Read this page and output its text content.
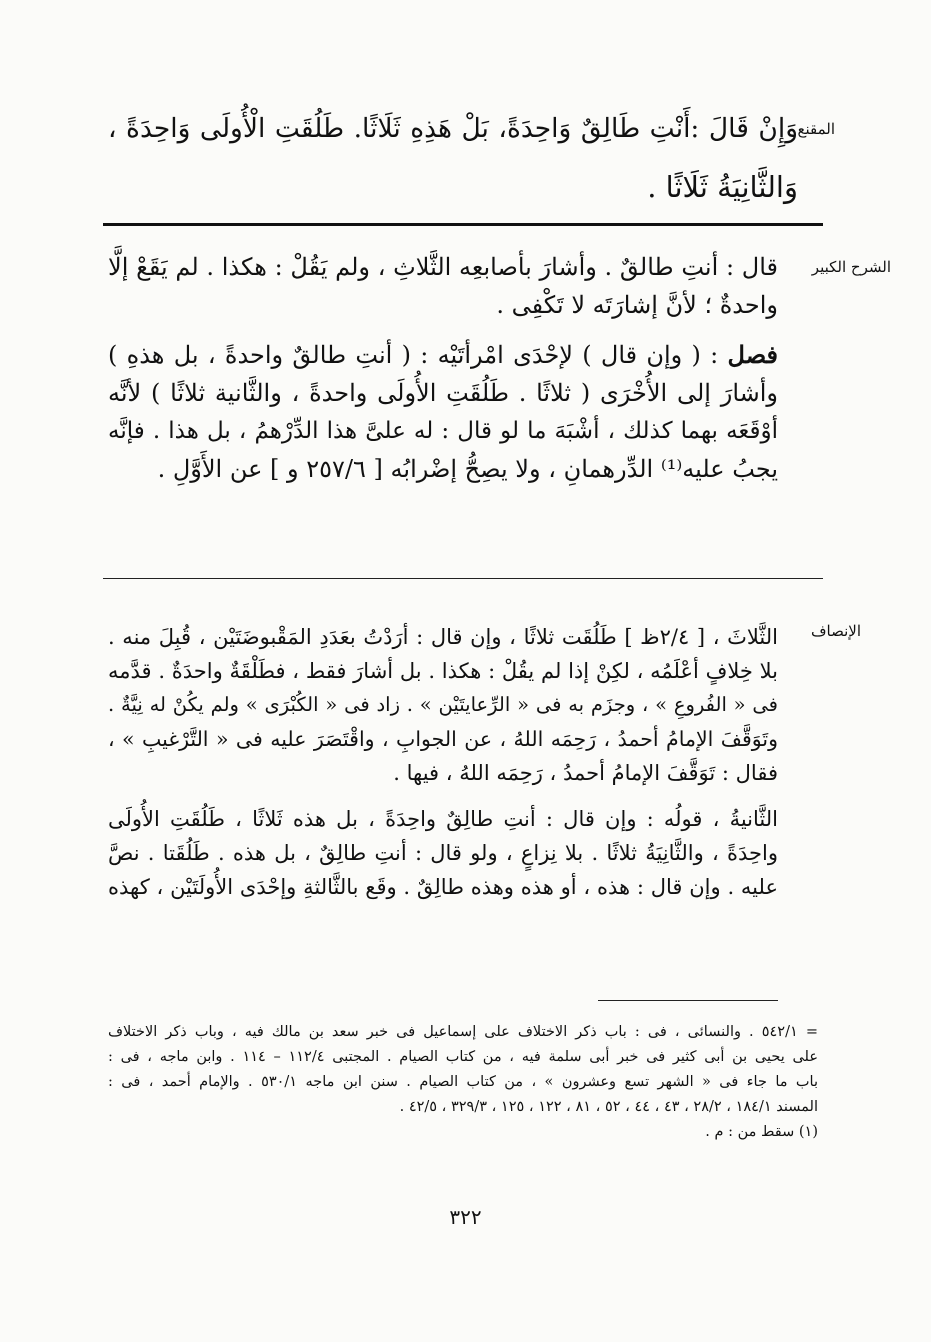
المقنع
وَإِنْ قَالَ :أَنْتِ طَالِقٌ وَاحِدَةً، بَلْ هَذِهِ ثَلَاثًا. طَلُقَتِ الْأُولَى وَاحِدَةً ،
وَالثَّانِيَةُ ثَلَاثًا .
الشرح الكبير
قال : أنتِ طالقٌ . وأشارَ بأصابعِه الثَّلاثِ ، ولم يَقُلْ : هكذا . لم يَقَعْ إلَّا
واحدةٌ ؛ لأنَّ إشارَتَه لا تَكْفِى .
فصل : ( وإن قال ) لإحْدَى امْرأتَيْه : ( أنتِ طالقٌ واحدةً ، بل هذهِ )
وأشارَ إلى الأُخْرَى ( ثلاثًا . طَلُقَتِ الأُولَى واحدةً ، والثَّانية ثلاثًا ) لأنَّه
أوْقَعَه بهما كذلك ، أشْبَهَ ما لو قال : له علىَّ هذا الدِّرْهمُ ، بل هذا . فإنَّه
يجبُ عليه⁽¹⁾ الدِّرهمانِ ، ولا يصِحُّ إضْرابُه [ ٢٥٧/٦ و ] عن الأَوَّلِ .
الإنصاف
الثَّلاثَ ، [ ٢/٤ظ ] طَلُقَت ثلاثًا ، وإن قال : أرَدْتُ بعَدَدِ المَقْبوضَتَيْن ، قُبِلَ منه .
بلا خِلافٍ أعْلَمُه ، لكِنْ إذا لم يقُلْ : هكذا . بل أشارَ فقط ، فطَلْقَةٌ واحدَةٌ . قدَّمه
فى « الفُروعِ » ، وجزَم به فى « الرِّعايتَيْن » . زاد فى « الكُبْرَى » ولم يكُنْ له نِيَّةٌ .
وتَوَقَّفَ الإمامُ أحمدُ ، رَحِمَه اللهُ ، عن الجوابِ ، واقْتَصَرَ عليه فى « التَّرْغيبِ » ،
فقال : تَوَقَّفَ الإمامُ أحمدُ ، رَحِمَه اللهُ ، فيها .
الثَّانيةُ ، قولُه : وإن قال : أنتِ طالِقٌ واحِدَةً ، بل هذه ثَلاثًا ، طَلُقَتِ الأُولَى
واحِدَةً ، والثَّانِيَةُ ثلاثًا . بلا نِزاعٍ ، ولو قال : أنتِ طالِقٌ ، بل هذه . طَلُقَتا . نصَّ
عليه . وإن قال : هذه ، أو هذه وهذه طالِقٌ . وقَع بالثَّالثةِ وإحْدَى الأُولَتَيْن ، كهذه
= ٥٤٢/١ . والنسائى ، فى : باب ذكر الاختلاف على إسماعيل فى خبر سعد بن مالك فيه ، وباب ذكر الاختلاف
على يحيى بن أبى كثير فى خبر أبى سلمة فيه ، من كتاب الصيام . المجتبى ١١٢/٤ – ١١٤ . وابن ماجه ، فى :
باب ما جاء فى « الشهر تسع وعشرون » ، من كتاب الصيام . سنن ابن ماجه ٥٣٠/١ . والإمام أحمد ، فى :
المسند ١٨٤/١ ، ٢٨/٢ ، ٤٣ ، ٤٤ ، ٥٢ ، ٨١ ، ١٢٢ ، ١٢٥ ، ٣٢٩/٣ ، ٤٢/٥ .
(١) سقط من : م .
٣٢٢
